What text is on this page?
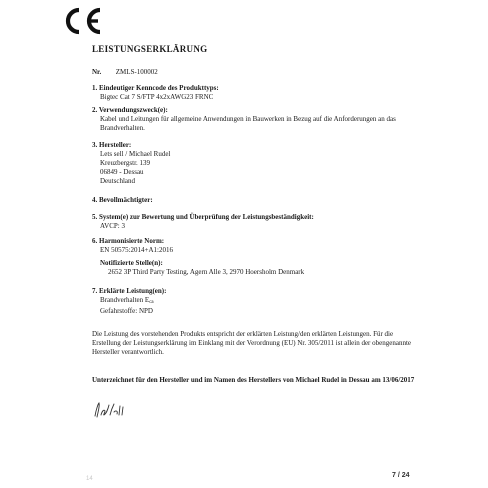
LEISTUNGSERKLÄRUNG
Nr. ZMLS-100002
1. Eindeutiger Kenncode des Produkttyps:
Bigtec Cat 7 S/FTP 4x2xAWG23 FRNC
2. Verwendungszweck(e):
Kabel und Leitungen für allgemeine Anwendungen in Bauwerken in Bezug auf die Anforderungen an das Brandverhalten.
3. Hersteller:
Lets sell / Michael Rudel
Kreuzbergstr. 139
06849 - Dessau
Deutschland
4. Bevollmächtigter:
5. System(e) zur Bewertung und Überprüfung der Leistungsbeständigkeit:
AVCP: 3
6. Harmonisierte Norm:
EN 50575:2014+A1:2016
Notifizierte Stelle(n):
2652 3P Third Party Testing, Agern Alle 3, 2970 Hoersholm Denmark
7. Erklärte Leistung(en):
Brandverhalten $E_{ca}$
Gefahrstoffe: NPD
Die Leistung des vorstehenden Produkts entspricht der erklärten Leistung/den erklärten Leistungen. Für die Erstellung der Leistungserklärung im Einklang mit der Verordnung (EU) Nr. 305/2011 ist allein der obengenannte Hersteller verantwortlich.
Unterzeichnet für den Hersteller und im Namen des Herstellers von Michael Rudel in Dessau am 13/06/2017
14	7 / 24
